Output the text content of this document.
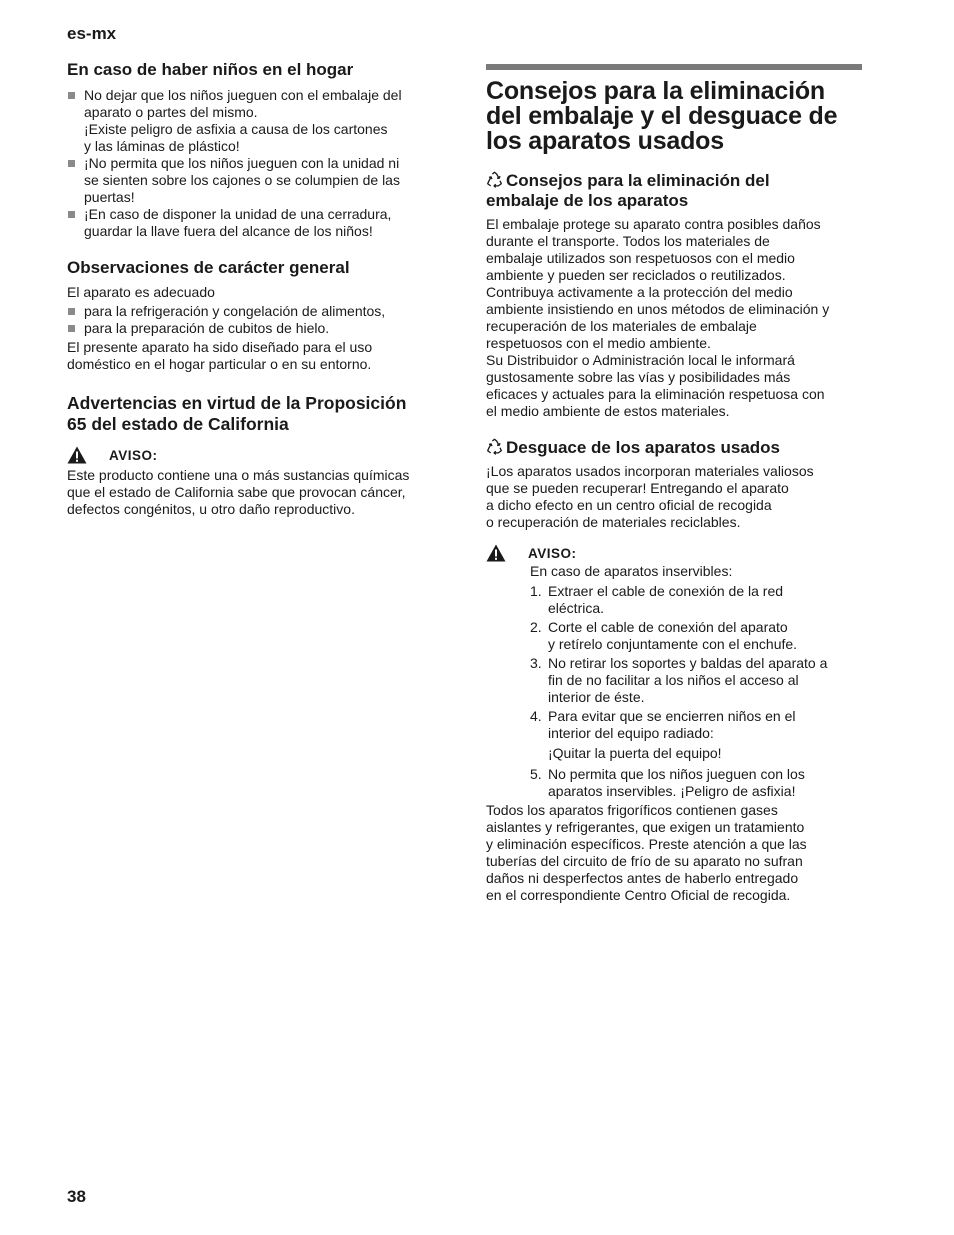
es-mx
En caso de haber niños en el hogar
No dejar que los niños jueguen con el embalaje del
aparato o partes del mismo.
¡Existe peligro de asfixia a causa de los cartones
y las láminas de plástico!
¡No permita que los niños jueguen con la unidad ni
se sienten sobre los cajones o se columpien de las
puertas!
¡En caso de disponer la unidad de una cerradura,
guardar la llave fuera del alcance de los niños!
Observaciones de carácter general

El aparato es adecuado

para la refrigeración y congelación de alimentos,
para la preparación de cubitos de hielo.

El presente aparato ha sido diseñado para el uso
doméstico en el hogar particular o en su entorno.

Advertencias en virtud de la Proposición
65 del estado de California
AVISO:

Este producto contiene una o más sustancias químicas
que el estado de California sabe que provocan cáncer,
defectos congénitos, u otro daño reproductivo.

Consejos para la eliminación
del embalaje y el desguace de
los aparatos usados
Consejos para la eliminación del
embalaje de los aparatos

El embalaje protege su aparato contra posibles daños
durante el transporte. Todos los materiales de
embalaje utilizados son respetuosos con el medio
ambiente y pueden ser reciclados o reutilizados.
Contribuya activamente a la protección del medio
ambiente insistiendo en unos métodos de eliminación y
recuperación de los materiales de embalaje
respetuosos con el medio ambiente.

Su Distribuidor o Administración local le informará
gustosamente sobre las vías y posibilidades más
eficaces y actuales para la eliminación respetuosa con
el medio ambiente de estos materiales.

Desguace de los aparatos usados

¡Los aparatos usados incorporan materiales valiosos
que se pueden recuperar! Entregando el aparato
a dicho efecto en un centro oficial de recogida
o recuperación de materiales reciclables.

AVISO:

En caso de aparatos inservibles:

1. Extraer el cable de conexión de la red
eléctrica.
2. Corte el cable de conexión del aparato
y retírelo conjuntamente con el enchufe.
3. No retirar los soportes y baldas del aparato a
fin de no facilitar a los niños el acceso al
interior de éste.
4. Para evitar que se encierren niños en el
interior del equipo radiado:
¡Quitar la puerta del equipo!
5. No permita que los niños jueguen con los
aparatos inservibles. ¡Peligro de asfixia!

Todos los aparatos frigoríficos contienen gases
aislantes y refrigerantes, que exigen un tratamiento
y eliminación específicos. Preste atención a que las
tuberías del circuito de frío de su aparato no sufran
daños ni desperfectos antes de haberlo entregado
en el correspondiente Centro Oficial de recogida.

38
